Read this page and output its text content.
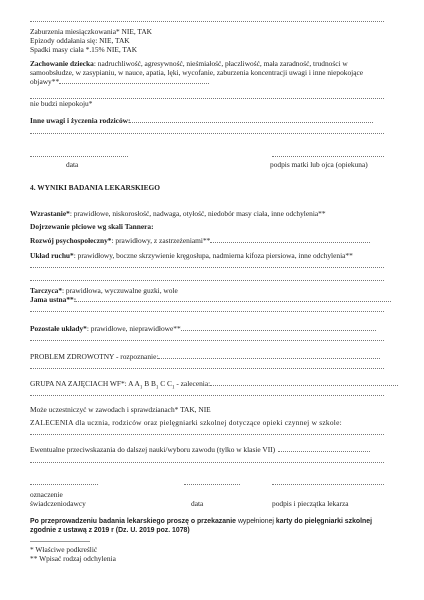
Zaburzenia miesiączkowania* NIE, TAK
Epizody oddałania się: NIE, TAK
Spadki masy ciała *.15% NIE, TAK
Zachowanie dziecka: nadruchliwość, agresywność, nieśmiałość, płaczliwość, mała zaradność, trudności w samoobsłudze, w zasypianiu, w nauce, apatia, lęki, wycofanie, zaburzenia koncentracji uwagi i inne niepokojące objawy**
nie budzi niepokoju*
Inne uwagi i życzenia rodziców:
data	podpis matki lub ojca (opiekuna)
4. WYNIKI BADANIA LEKARSKIEGO
Wzrastanie*: prawidłowe, niskorosłość, nadwaga, otyłość, niedobór masy ciała, inne odchylenia**
Dojrzewanie płciowe wg skali Tannera:
Rozwój psychospołeczny*: prawidłowy, z zastrzeżeniami**
Układ ruchu*: prawidłowy, boczne skrzywienie kręgosłupa, nadmierna kifoza piersiowa, inne odchylenia**
Tarczyca*: prawidłowa, wyczuwalne guzki, wole
Jama ustna**:
Pozostałe układy*: prawidłowe, nieprawidłowe**
PROBLEM ZDROWOTNY - rozpoznanie:
GRUPA NA ZAJĘCIACH WF*: A $A_1$ B $B_1$ C $C_1$ - zalecenia:
Może uczestniczyć w zawodach i sprawdzianach* TAK, NIE
ZALECENIA dla ucznia, rodziców oraz pielęgniarki szkolnej dotyczące opieki czynnej w szkole:
Ewentualne przeciwskazania do dalszej nauki/wyboru zawodu (tylko w klasie VII)
oznaczenie
świadczeniodawcy	data	podpis i pieczątka lekarza
Po przeprowadzeniu badania lekarskiego proszę o przekazanie wypełnionej karty do pielęgniarki szkolnej zgodnie z ustawą z 2019 r (Dz. U. 2019 poz. 1078)
* Właściwe podkreślić
** Wpisać rodzaj odchylenia
